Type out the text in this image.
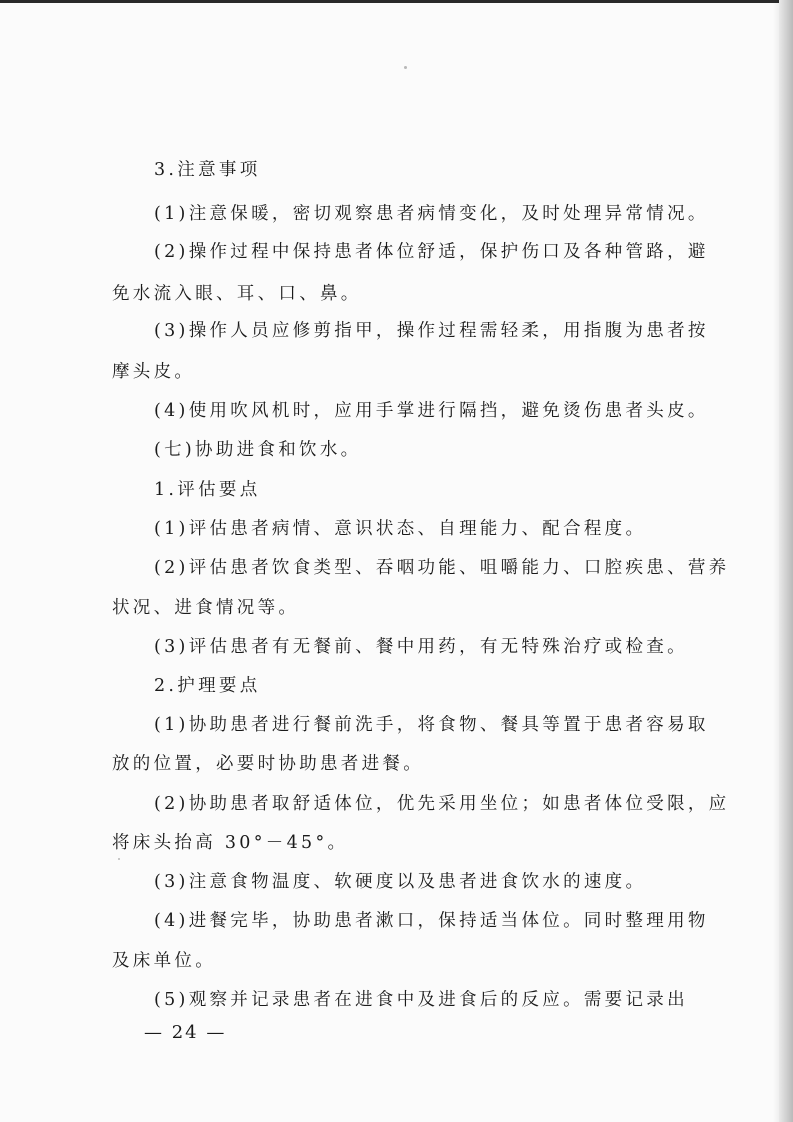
3.注意事项
(1)注意保暖，密切观察患者病情变化，及时处理异常情况。
(2)操作过程中保持患者体位舒适，保护伤口及各种管路，避
免水流入眼、耳、口、鼻。
(3)操作人员应修剪指甲，操作过程需轻柔，用指腹为患者按
摩头皮。
(4)使用吹风机时，应用手掌进行隔挡，避免烫伤患者头皮。
(七)协助进食和饮水。
1.评估要点
(1)评估患者病情、意识状态、自理能力、配合程度。
(2)评估患者饮食类型、吞咽功能、咀嚼能力、口腔疾患、营养
状况、进食情况等。
(3)评估患者有无餐前、餐中用药，有无特殊治疗或检查。
2.护理要点
(1)协助患者进行餐前洗手，将食物、餐具等置于患者容易取
放的位置，必要时协助患者进餐。
(2)协助患者取舒适体位，优先采用坐位；如患者体位受限，应
将床头抬高 30°－45°。
(3)注意食物温度、软硬度以及患者进食饮水的速度。
(4)进餐完毕，协助患者漱口，保持适当体位。同时整理用物
及床单位。
(5)观察并记录患者在进食中及进食后的反应。需要记录出
— 24 —
